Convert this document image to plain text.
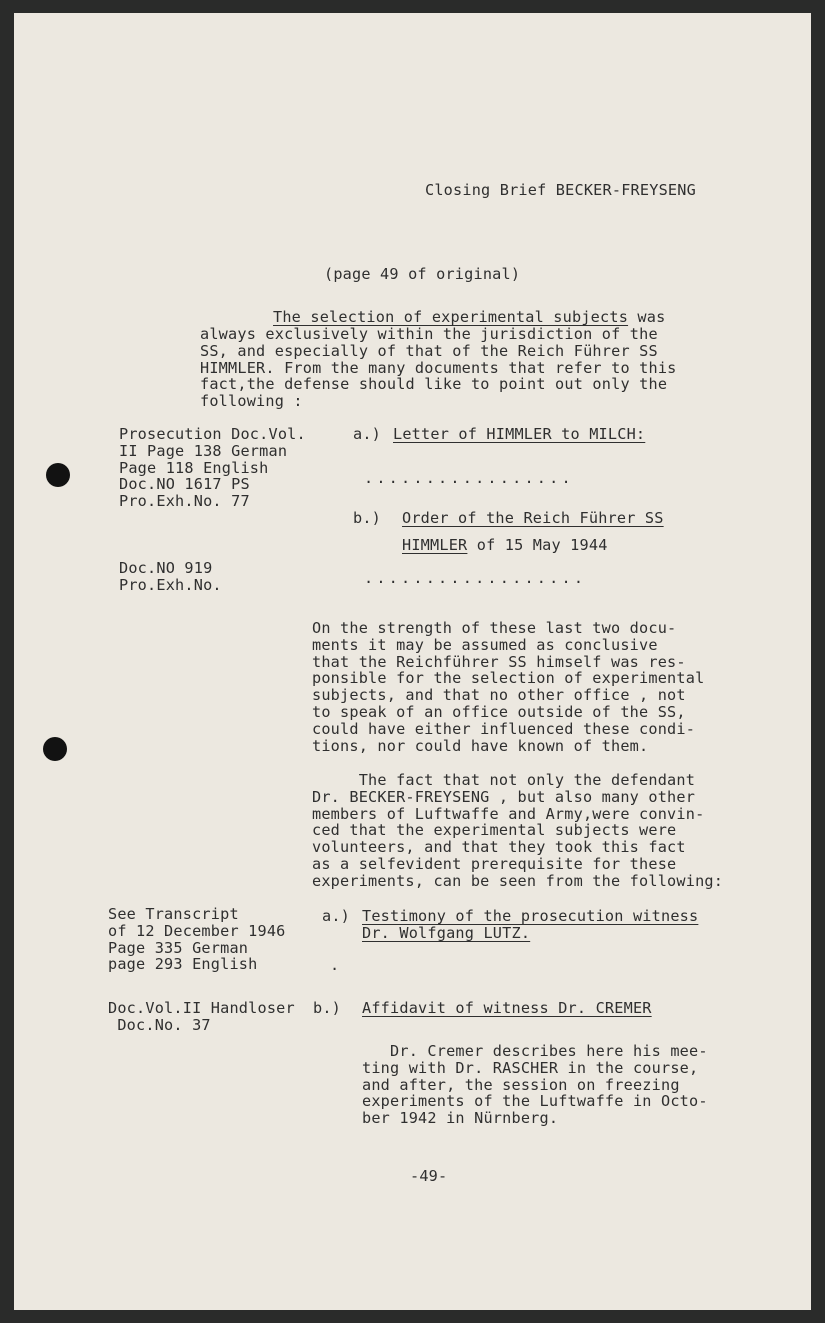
Closing Brief BECKER-FREYSENG
(page 49 of original)
The selection of experimental subjects was
always exclusively within the jurisdiction of the
SS, and especially of that of the Reich Führer SS
HIMMLER. From the many documents that refer to this
fact,the defense should like to point out only the
following :
Prosecution Doc.Vol.
II Page 138 German
Page 118 English
Doc.NO 1617 PS
Pro.Exh.No. 77
a.) Letter of HIMMLER to MILCH:
.................
b.) Order of the Reich Führer SS
HIMMLER of 15 May 1944
Doc.NO 919
Pro.Exh.No.	..................
On the strength of these last two docu-
ments it may be assumed as conclusive
that the Reichführer SS himself was res-
ponsible for the selection of experimental
subjects, and that no other office , not
to speak of an office outside of the SS,
could have either influenced these condi-
tions, nor could have known of them.
The fact that not only the defendant
Dr. BECKER-FREYSENG , but also many other
members of Luftwaffe and Army,were convin-
ced that the experimental subjects were
volunteers, and that they took this fact
as a selfevident prerequisite for these
experiments, can be seen from the following:
See Transcript
of 12 December 1946
Page 335 German
page 293 English
a.) Testimony of the prosecution witness
Dr. Wolfgang LUTZ.
.
Doc.Vol.II Handloser
Doc.No. 37
b.) Affidavit of witness Dr. CREMER
Dr. Cremer describes here his mee-
ting with Dr. RASCHER in the course,
and after, the session on freezing
experiments of the Luftwaffe in Octo-
ber 1942 in Nürnberg.
-49-
